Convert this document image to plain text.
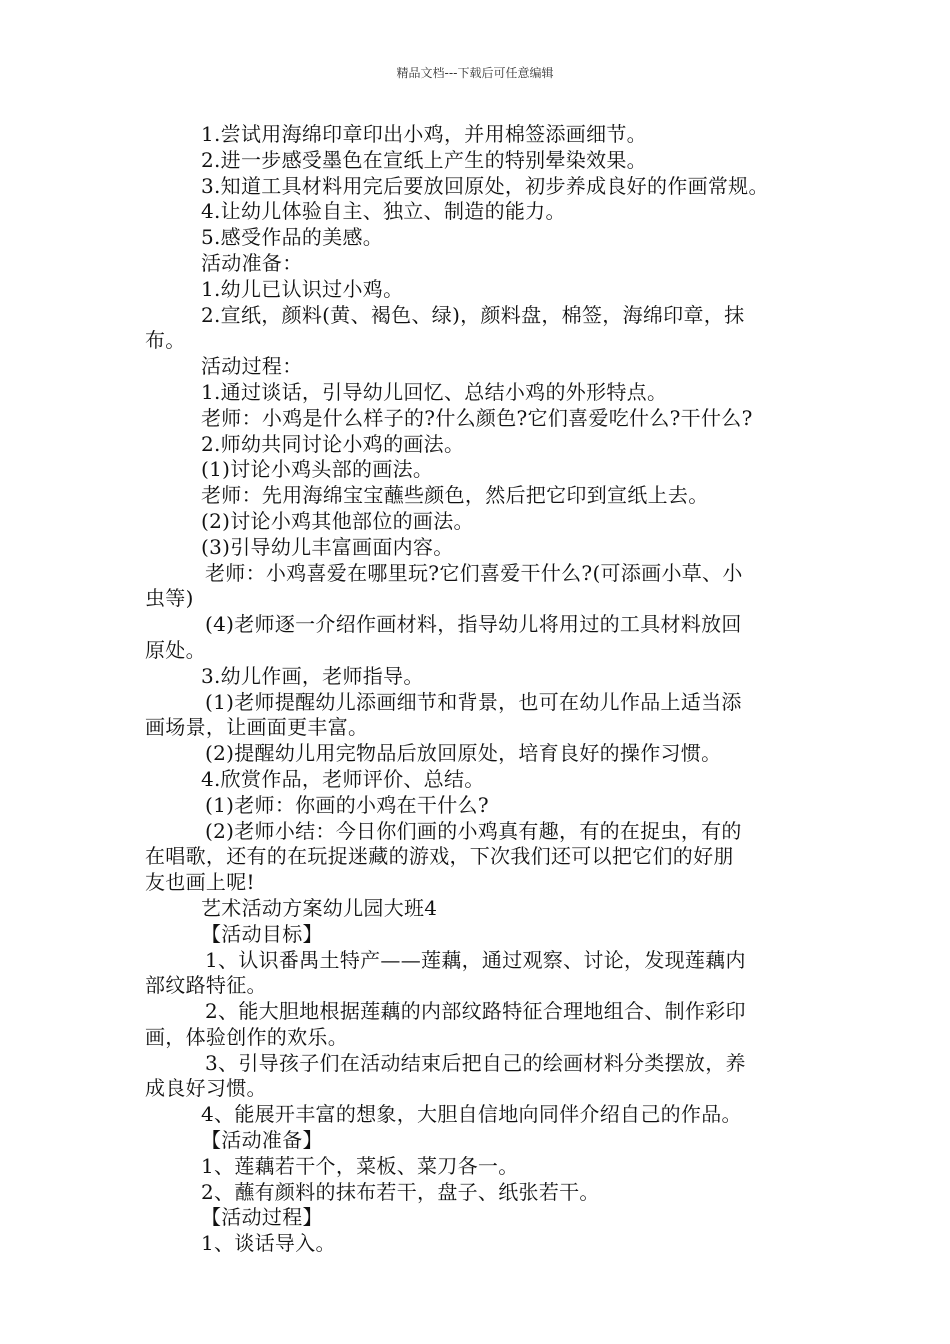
精品文档---下载后可任意编辑
1.尝试用海绵印章印出小鸡，并用棉签添画细节。
2.进一步感受墨色在宣纸上产生的特别晕染效果。
3.知道工具材料用完后要放回原处，初步养成良好的作画常规。
4.让幼儿体验自主、独立、制造的能力。
5.感受作品的美感。
活动准备：
1.幼儿已认识过小鸡。
2.宣纸，颜料(黄、褐色、绿)，颜料盘，棉签，海绵印章，抹
布。
活动过程：
1.通过谈话，引导幼儿回忆、总结小鸡的外形特点。
老师：小鸡是什么样子的?什么颜色?它们喜爱吃什么?干什么?
2.师幼共同讨论小鸡的画法。
(1)讨论小鸡头部的画法。
老师：先用海绵宝宝蘸些颜色，然后把它印到宣纸上去。
(2)讨论小鸡其他部位的画法。
(3)引导幼儿丰富画面内容。
老师：小鸡喜爱在哪里玩?它们喜爱干什么?(可添画小草、小
虫等)
(4)老师逐一介绍作画材料，指导幼儿将用过的工具材料放回
原处。
3.幼儿作画，老师指导。
(1)老师提醒幼儿添画细节和背景，也可在幼儿作品上适当添
画场景，让画面更丰富。
(2)提醒幼儿用完物品后放回原处，培育良好的操作习惯。
4.欣赏作品，老师评价、总结。
(1)老师：你画的小鸡在干什么?
(2)老师小结：今日你们画的小鸡真有趣，有的在捉虫，有的
在唱歌，还有的在玩捉迷藏的游戏，下次我们还可以把它们的好朋
友也画上呢!
艺术活动方案幼儿园大班4
【活动目标】
1、认识番禺土特产——莲藕，通过观察、讨论，发现莲藕内
部纹路特征。
2、能大胆地根据莲藕的内部纹路特征合理地组合、制作彩印
画，体验创作的欢乐。
3、引导孩子们在活动结束后把自己的绘画材料分类摆放，养
成良好习惯。
4、能展开丰富的想象，大胆自信地向同伴介绍自己的作品。
【活动准备】
1、莲藕若干个，菜板、菜刀各一。
2、蘸有颜料的抹布若干，盘子、纸张若干。
【活动过程】
1、谈话导入。
